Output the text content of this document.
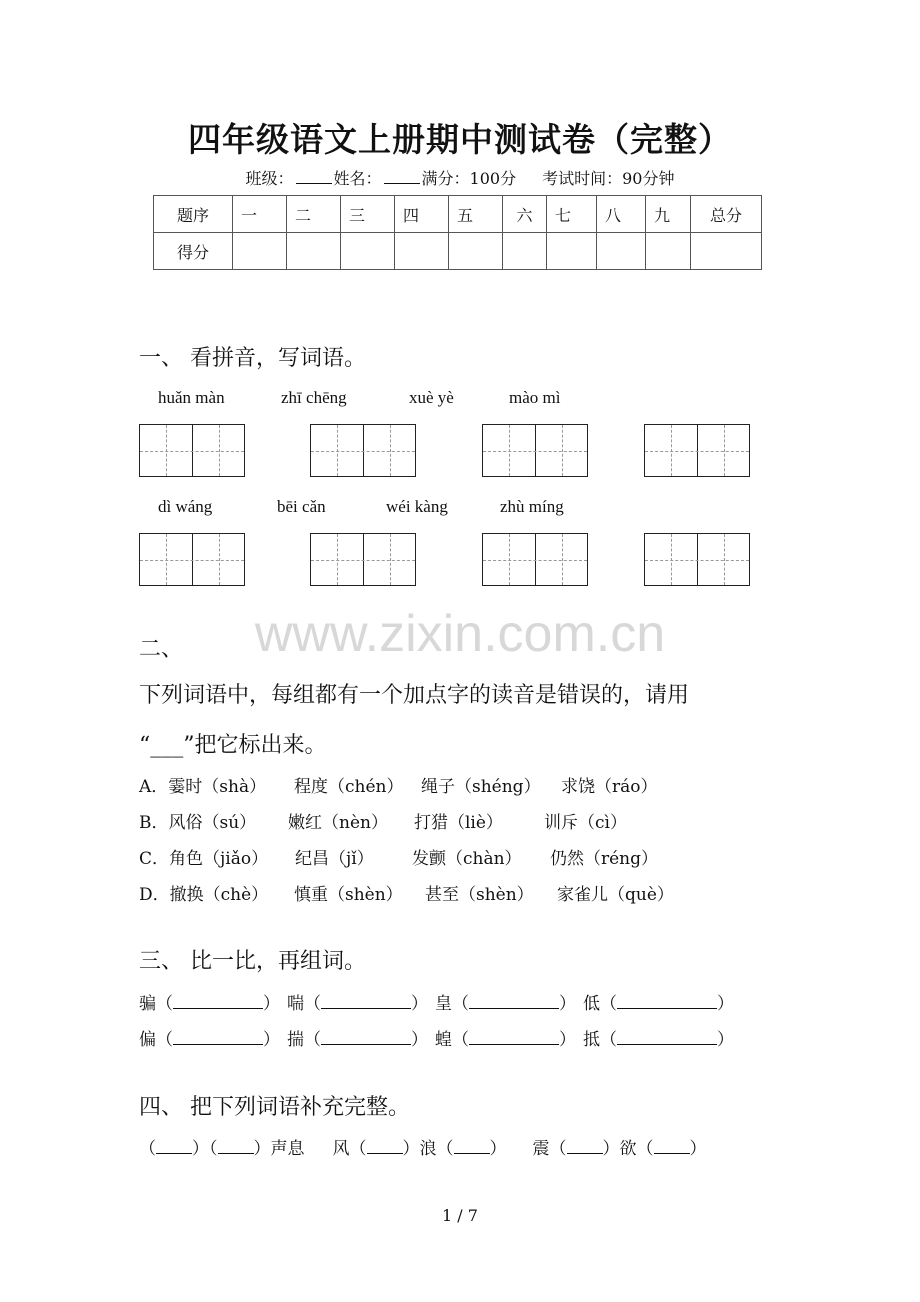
四年级语文上册期中测试卷（完整）
班级：	姓名：	满分：100分 考试时间：90分钟
题序	一	二	三	四	五	六	七	八	九	总分
得分										
一、 看拼音，写词语。
huǎn màn	zhī chēng	xuè yè	mào mì
dì wáng	bēi cǎn	wéi kàng	zhù míng
www.zixin.com.cn
二、
下列词语中，每组都有一个加点字的读音是错误的，请用
“___”把它标出来。
A．霎时（shà） 程度（chén） 绳子（shéng） 求饶（ráo）
B．风俗（sú） 嫩红（nèn） 打猎（liè） 训斥（cì）
C．角色（jiǎo） 纪昌（jǐ） 发颤（chàn） 仍然（réng）
D．撤换（chè） 慎重（shèn） 甚至（shèn） 家雀儿（què）
三、 比一比，再组词。
骗（	） 喘（	） 皇（	） 低（	）
偏（	） 揣（	） 蝗（	） 抵（	）
四、 把下列词语补充完整。
（ ）（ ）声息 风（ ）浪（ ） 震（ ）欲（ ）
1 / 7
